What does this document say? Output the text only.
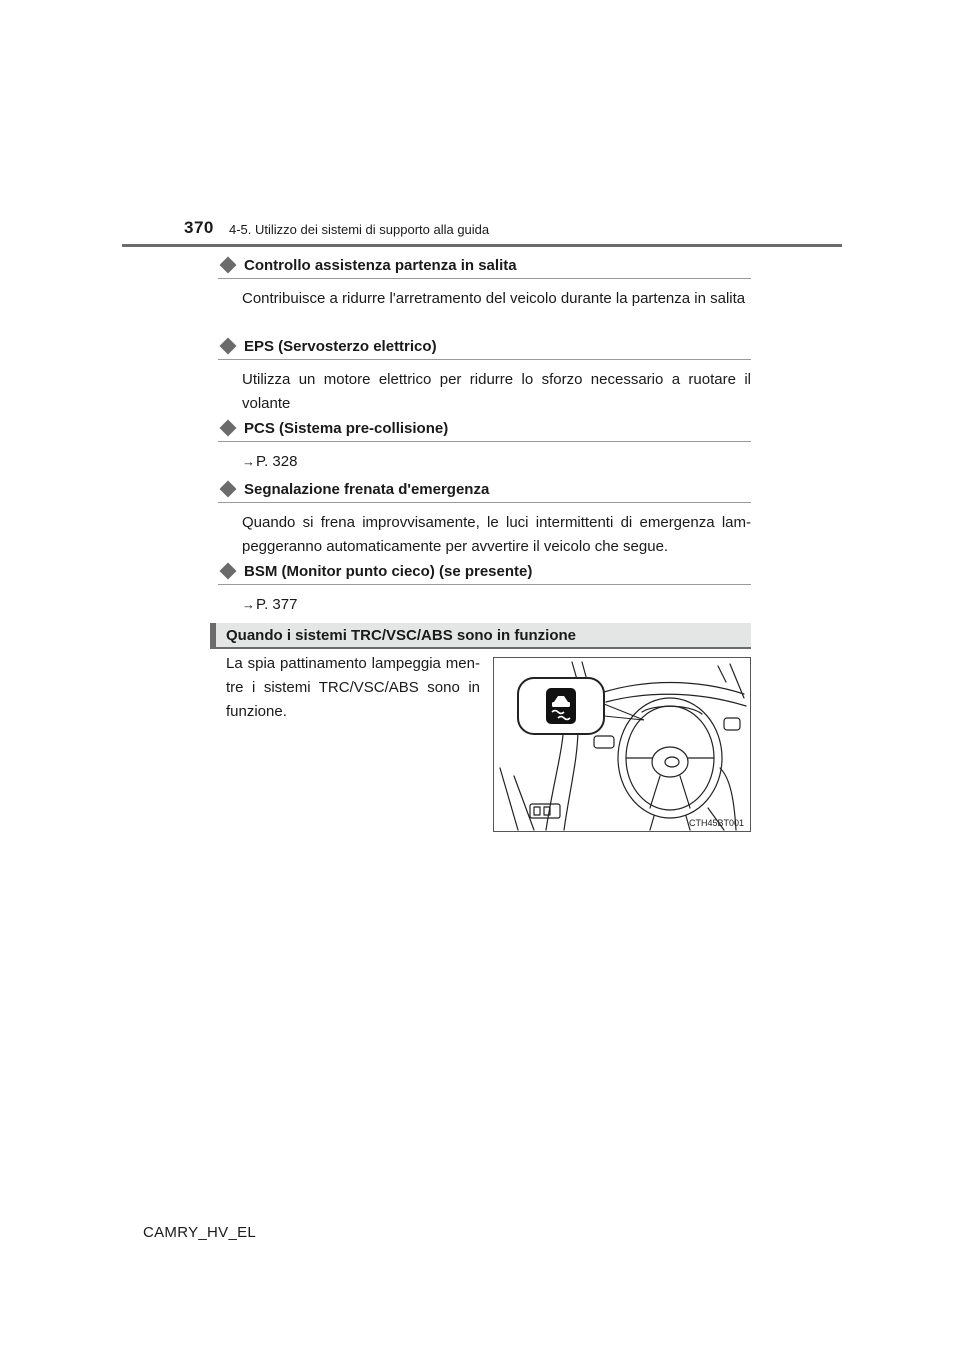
370 4-5. Utilizzo dei sistemi di supporto alla guida
Controllo assistenza partenza in salita
Contribuisce a ridurre l'arretramento del veicolo durante la partenza in salita
EPS (Servosterzo elettrico)
Utilizza un motore elettrico per ridurre lo sforzo necessario a ruotare il volante
PCS (Sistema pre-collisione)
→P. 328
Segnalazione frenata d'emergenza
Quando si frena improvvisamente, le luci intermittenti di emergenza lam-peggeranno automaticamente per avvertire il veicolo che segue.
BSM (Monitor punto cieco) (se presente)
→P. 377
Quando i sistemi TRC/VSC/ABS sono in funzione
La spia pattinamento lampeggia men-tre i sistemi TRC/VSC/ABS sono in funzione.
CTH45BT001
CAMRY_HV_EL
